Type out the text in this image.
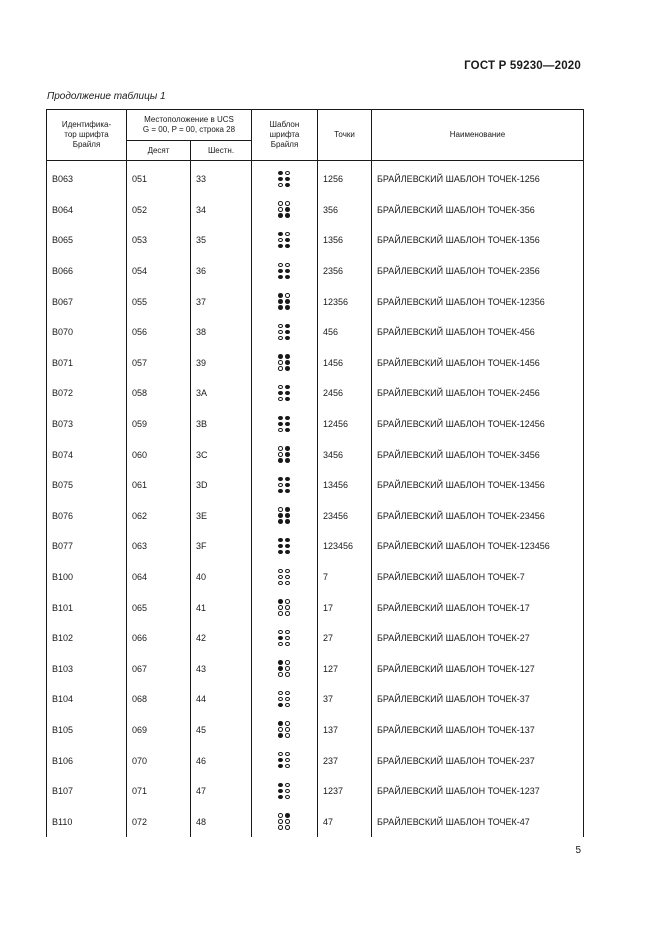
ГОСТ Р 59230—2020
Продолжение таблицы 1
Идентифика-
тор шрифта
Брайля	Местоположение в UCS
G = 00, P = 00, строка 28		Шаблон
шрифта
Брайля	Точки	Наименование
	Десят	Шестн.			
B063	051	33		1256	БРАЙЛЕВСКИЙ ШАБЛОН ТОЧЕК-1256
B064	052	34		356	БРАЙЛЕВСКИЙ ШАБЛОН ТОЧЕК-356
B065	053	35		1356	БРАЙЛЕВСКИЙ ШАБЛОН ТОЧЕК-1356
B066	054	36		2356	БРАЙЛЕВСКИЙ ШАБЛОН ТОЧЕК-2356
B067	055	37		12356	БРАЙЛЕВСКИЙ ШАБЛОН ТОЧЕК-12356
B070	056	38		456	БРАЙЛЕВСКИЙ ШАБЛОН ТОЧЕК-456
B071	057	39		1456	БРАЙЛЕВСКИЙ ШАБЛОН ТОЧЕК-1456
B072	058	3A		2456	БРАЙЛЕВСКИЙ ШАБЛОН ТОЧЕК-2456
B073	059	3B		12456	БРАЙЛЕВСКИЙ ШАБЛОН ТОЧЕК-12456
B074	060	3C		3456	БРАЙЛЕВСКИЙ ШАБЛОН ТОЧЕК-3456
B075	061	3D		13456	БРАЙЛЕВСКИЙ ШАБЛОН ТОЧЕК-13456
B076	062	3E		23456	БРАЙЛЕВСКИЙ ШАБЛОН ТОЧЕК-23456
B077	063	3F		123456	БРАЙЛЕВСКИЙ ШАБЛОН ТОЧЕК-123456
B100	064	40		7	БРАЙЛЕВСКИЙ ШАБЛОН ТОЧЕК-7
B101	065	41		17	БРАЙЛЕВСКИЙ ШАБЛОН ТОЧЕК-17
B102	066	42		27	БРАЙЛЕВСКИЙ ШАБЛОН ТОЧЕК-27
B103	067	43		127	БРАЙЛЕВСКИЙ ШАБЛОН ТОЧЕК-127
B104	068	44		37	БРАЙЛЕВСКИЙ ШАБЛОН ТОЧЕК-37
B105	069	45		137	БРАЙЛЕВСКИЙ ШАБЛОН ТОЧЕК-137
B106	070	46		237	БРАЙЛЕВСКИЙ ШАБЛОН ТОЧЕК-237
B107	071	47		1237	БРАЙЛЕВСКИЙ ШАБЛОН ТОЧЕК-1237
B110	072	48		47	БРАЙЛЕВСКИЙ ШАБЛОН ТОЧЕК-47
5
